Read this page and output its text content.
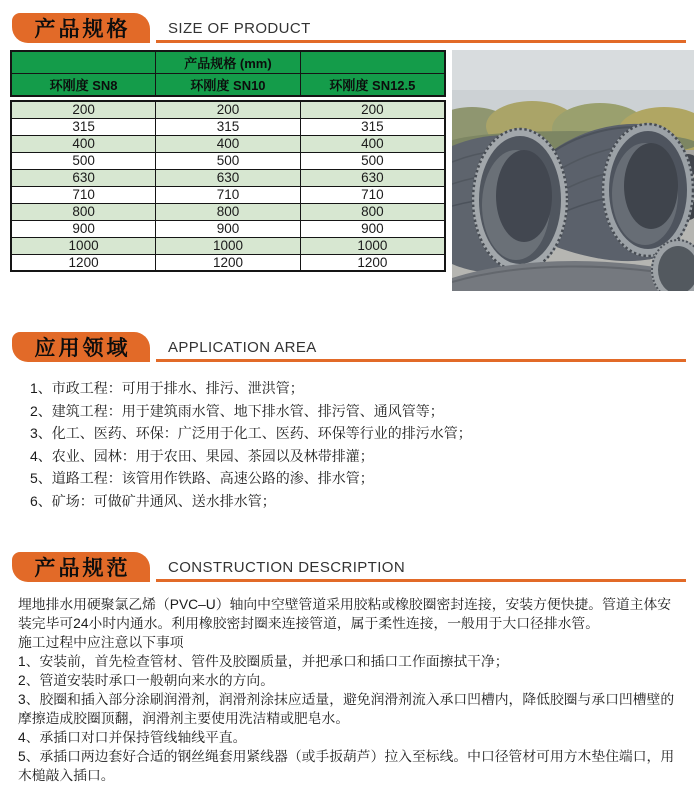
产品规格	SIZE OF PRODUCT
	产品规格 (mm)	
环刚度 SN8	环刚度 SN10	环刚度 SN12.5
200	200	200
315	315	315
400	400	400
500	500	500
630	630	630
710	710	710
800	800	800
900	900	900
1000	1000	1000
1200	1200	1200
应用领域	APPLICATION AREA
1、市政工程：可用于排水、排污、泄洪管；
2、建筑工程：用于建筑雨水管、地下排水管、排污管、通风管等；
3、化工、医药、环保：广泛用于化工、医药、环保等行业的排污水管；
4、农业、园林：用于农田、果园、茶园以及林带排灌；
5、道路工程：该管用作铁路、高速公路的渗、排水管；
6、矿场：可做矿井通风、送水排水管；
产品规范	CONSTRUCTION DESCRIPTION

埋地排水用硬聚氯乙烯（PVC–U）轴向中空壁管道采用胶粘或橡胶圈密封连接，安装方便快捷。管道主体安装完毕可24小时内通水。利用橡胶密封圈来连接管道，属于柔性连接，一般用于大口径排水管。

施工过程中应注意以下事项

1、安装前，首先检查管材、管件及胶圈质量，并把承口和插口工作面擦拭干净；

2、管道安装时承口一般朝向来水的方向。

3、胶圈和插入部分涂刷润滑剂，润滑剂涂抹应适量，避免润滑剂流入承口凹槽内，降低胶圈与承口凹槽壁的摩擦造成胶圈顶翻，润滑剂主要使用洗洁精或肥皂水。

4、承插口对口并保持管线轴线平直。

5、承插口两边套好合适的钢丝绳套用紧线器（或手扳葫芦）拉入至标线。中口径管材可用方木垫住端口，用木槌敲入插口。
